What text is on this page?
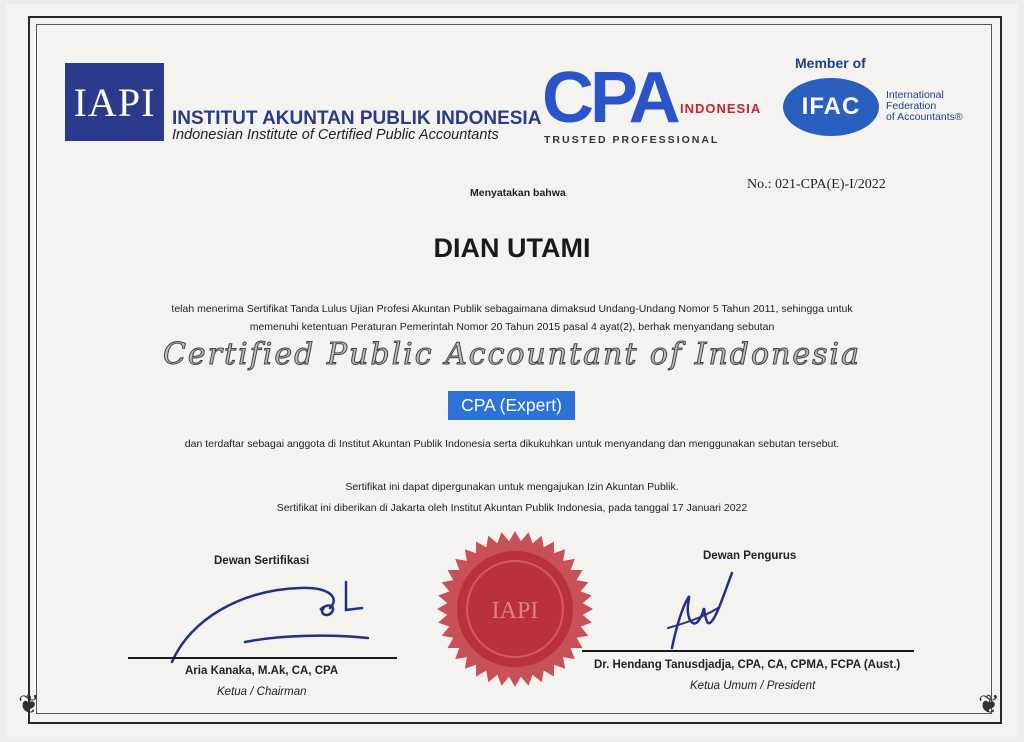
❦	❦
IAPI INSTITUT AKUNTAN PUBLIK INDONESIA
Indonesian Institute of Certified Public Accountants CPA INDONESIA
TRUSTED PROFESSIONAL
Member of
IFAC International
Federation
of Accountants®
No.: 021-CPA(E)-I/2022
Menyatakan bahwa
DIAN UTAMI
telah menerima Sertifikat Tanda Lulus Ujian Profesi Akuntan Publik sebagaimana dimaksud Undang-Undang Nomor 5 Tahun 2011, sehingga untuk
memenuhi ketentuan Peraturan Pemerintah Nomor 20 Tahun 2015 pasal 4 ayat(2), berhak menyandang sebutan
Certified Public Accountant of Indonesia
CPA (Expert)
dan terdaftar sebagai anggota di Institut Akuntan Publik Indonesia serta dikukuhkan untuk menyandang dan menggunakan sebutan tersebut.
Sertifikat ini dapat dipergunakan untuk mengajukan Izin Akuntan Publik.
Sertifikat ini diberikan di Jakarta oleh Institut Akuntan Publik Indonesia, pada tanggal 17 Januari 2022
Dewan Sertifikasi
Aria Kanaka, M.Ak, CA, CPA
Ketua / Chairman
IAPI
Dewan Pengurus
Dr. Hendang Tanusdjadja, CPA, CA, CPMA, FCPA (Aust.)
Ketua Umum / President
